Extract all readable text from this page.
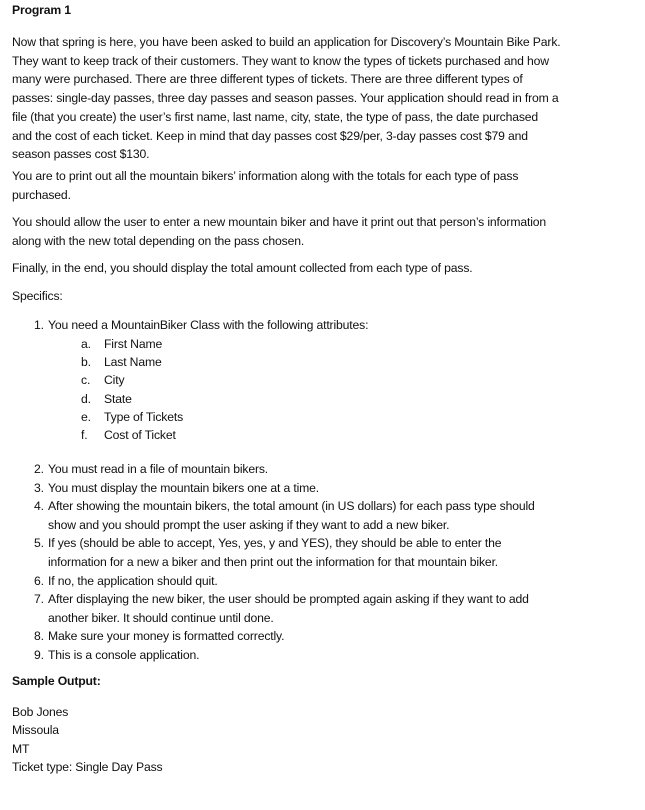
Program 1
Now that spring is here, you have been asked to build an application for Discovery’s Mountain Bike Park.
They want to keep track of their customers. They want to know the types of tickets purchased and how
many were purchased. There are three different types of tickets. There are three different types of
passes: single-day passes, three day passes and season passes. Your application should read in from a
file (that you create) the user’s first name, last name, city, state, the type of pass, the date purchased
and the cost of each ticket. Keep in mind that day passes cost $29/per, 3-day passes cost $79 and
season passes cost $130.
You are to print out all the mountain bikers’ information along with the totals for each type of pass
purchased.
You should allow the user to enter a new mountain biker and have it print out that person’s information
along with the new total depending on the pass chosen.
Finally, in the end, you should display the total amount collected from each type of pass.
Specifics:
1. You need a MountainBiker Class with the following attributes:
a. First Name
b. Last Name
c. City
d. State
e. Type of Tickets
f. Cost of Ticket
2. You must read in a file of mountain bikers.
3. You must display the mountain bikers one at a time.
4. After showing the mountain bikers, the total amount (in US dollars) for each pass type should
show and you should prompt the user asking if they want to add a new biker.
5. If yes (should be able to accept, Yes, yes, y and YES), they should be able to enter the
information for a new a biker and then print out the information for that mountain biker.
6. If no, the application should quit.
7. After displaying the new biker, the user should be prompted again asking if they want to add
another biker. It should continue until done.
8. Make sure your money is formatted correctly.
9. This is a console application.
Sample Output:
Bob Jones
Missoula
MT
Ticket type: Single Day Pass
